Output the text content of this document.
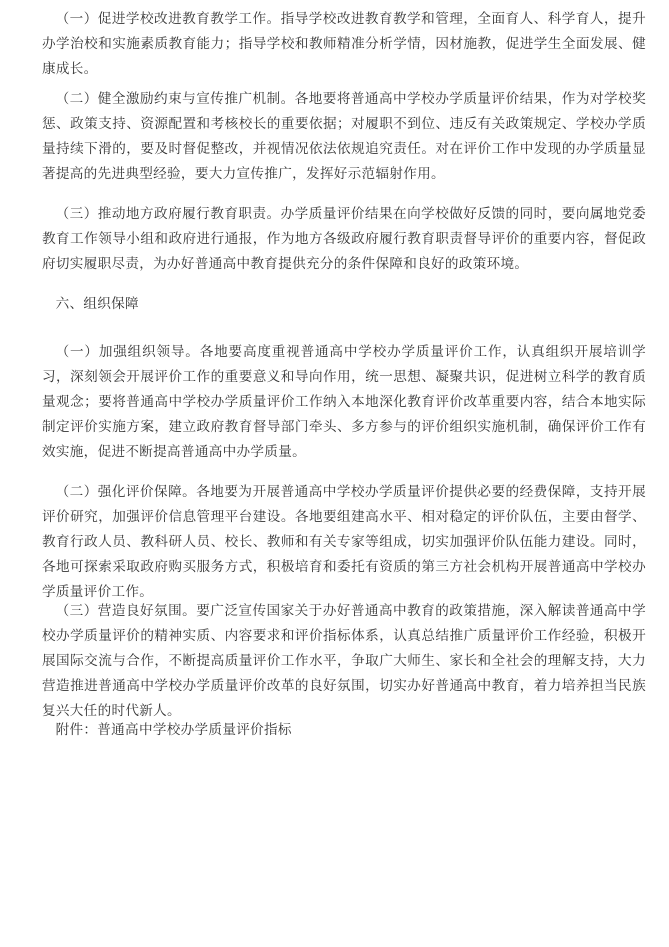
（一）促进学校改进教育教学工作。指导学校改进教育教学和管理，全面育人、科学育人，提升办学治校和实施素质教育能力；指导学校和教师精准分析学情，因材施教，促进学生全面发展、健康成长。

（二）健全激励约束与宣传推广机制。各地要将普通高中学校办学质量评价结果，作为对学校奖惩、政策支持、资源配置和考核校长的重要依据；对履职不到位、违反有关政策规定、学校办学质量持续下滑的，要及时督促整改，并视情况依法依规追究责任。对在评价工作中发现的办学质量显著提高的先进典型经验，要大力宣传推广，发挥好示范辐射作用。

（三）推动地方政府履行教育职责。办学质量评价结果在向学校做好反馈的同时，要向属地党委教育工作领导小组和政府进行通报，作为地方各级政府履行教育职责督导评价的重要内容，督促政府切实履职尽责，为办好普通高中教育提供充分的条件保障和良好的政策环境。

六、组织保障

（一）加强组织领导。各地要高度重视普通高中学校办学质量评价工作，认真组织开展培训学习，深刻领会开展评价工作的重要意义和导向作用，统一思想、凝聚共识，促进树立科学的教育质量观念；要将普通高中学校办学质量评价工作纳入本地深化教育评价改革重要内容，结合本地实际制定评价实施方案，建立政府教育督导部门牵头、多方参与的评价组织实施机制，确保评价工作有效实施，促进不断提高普通高中办学质量。

（二）强化评价保障。各地要为开展普通高中学校办学质量评价提供必要的经费保障，支持开展评价研究，加强评价信息管理平台建设。各地要组建高水平、相对稳定的评价队伍，主要由督学、教育行政人员、教科研人员、校长、教师和有关专家等组成，切实加强评价队伍能力建设。同时，各地可探索采取政府购买服务方式，积极培育和委托有资质的第三方社会机构开展普通高中学校办学质量评价工作。

（三）营造良好氛围。要广泛宣传国家关于办好普通高中教育的政策措施，深入解读普通高中学校办学质量评价的精神实质、内容要求和评价指标体系，认真总结推广质量评价工作经验，积极开展国际交流与合作，不断提高质量评价工作水平，争取广大师生、家长和全社会的理解支持，大力营造推进普通高中学校办学质量评价改革的良好氛围，切实办好普通高中教育，着力培养担当民族复兴大任的时代新人。

附件：普通高中学校办学质量评价指标
